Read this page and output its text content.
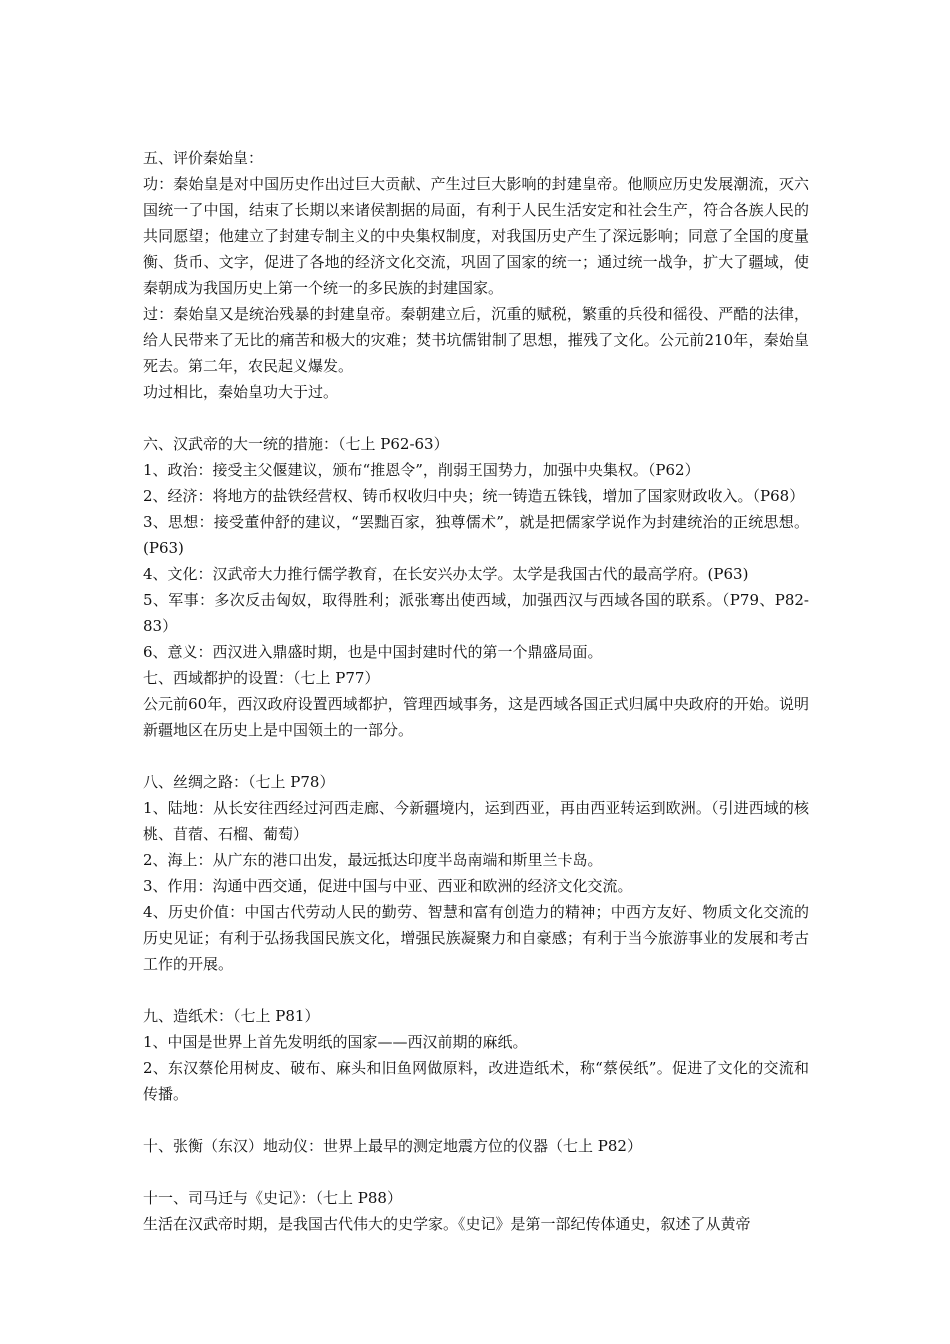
五、评价秦始皇：

功：秦始皇是对中国历史作出过巨大贡献、产生过巨大影响的封建皇帝。他顺应历史发展潮流，灭六国统一了中国，结束了长期以来诸侯割据的局面，有利于人民生活安定和社会生产，符合各族人民的共同愿望；他建立了封建专制主义的中央集权制度，对我国历史产生了深远影响；同意了全国的度量衡、货币、文字，促进了各地的经济文化交流，巩固了国家的统一；通过统一战争，扩大了疆域，使秦朝成为我国历史上第一个统一的多民族的封建国家。

过：秦始皇又是统治残暴的封建皇帝。秦朝建立后，沉重的赋税，繁重的兵役和徭役、严酷的法律，给人民带来了无比的痛苦和极大的灾难；焚书坑儒钳制了思想，摧残了文化。公元前210年，秦始皇死去。第二年，农民起义爆发。

功过相比，秦始皇功大于过。

六、汉武帝的大一统的措施：（七上 P62-63）

1、政治：接受主父偃建议，颁布“推恩令”，削弱王国势力，加强中央集权。（P62）

2、经济：将地方的盐铁经营权、铸币权收归中央；统一铸造五铢钱，增加了国家财政收入。（P68）

3、思想：接受董仲舒的建议，“罢黜百家，独尊儒术”，就是把儒家学说作为封建统治的正统思想。(P63)

4、文化：汉武帝大力推行儒学教育，在长安兴办太学。太学是我国古代的最高学府。(P63)

5、军事：多次反击匈奴，取得胜利；派张骞出使西域，加强西汉与西域各国的联系。（P79、P82-83）

6、意义：西汉进入鼎盛时期，也是中国封建时代的第一个鼎盛局面。

七、西域都护的设置：（七上 P77）

公元前60年，西汉政府设置西域都护，管理西域事务，这是西域各国正式归属中央政府的开始。说明新疆地区在历史上是中国领土的一部分。

八、丝绸之路：（七上 P78）

1、陆地：从长安往西经过河西走廊、今新疆境内，运到西亚，再由西亚转运到欧洲。（引进西域的核桃、苜蓿、石榴、葡萄）

2、海上：从广东的港口出发，最远抵达印度半岛南端和斯里兰卡岛。

3、作用：沟通中西交通，促进中国与中亚、西亚和欧洲的经济文化交流。

4、历史价值：中国古代劳动人民的勤劳、智慧和富有创造力的精神；中西方友好、物质文化交流的历史见证；有利于弘扬我国民族文化，增强民族凝聚力和自豪感；有利于当今旅游事业的发展和考古工作的开展。

九、造纸术：（七上 P81）

1、中国是世界上首先发明纸的国家——西汉前期的麻纸。

2、东汉蔡伦用树皮、破布、麻头和旧鱼网做原料，改进造纸术，称“蔡侯纸”。促进了文化的交流和传播。

十、张衡（东汉）地动仪：世界上最早的测定地震方位的仪器（七上 P82）

十一、司马迁与《史记》：（七上 P88）

生活在汉武帝时期，是我国古代伟大的史学家。《史记》是第一部纪传体通史，叙述了从黄帝
